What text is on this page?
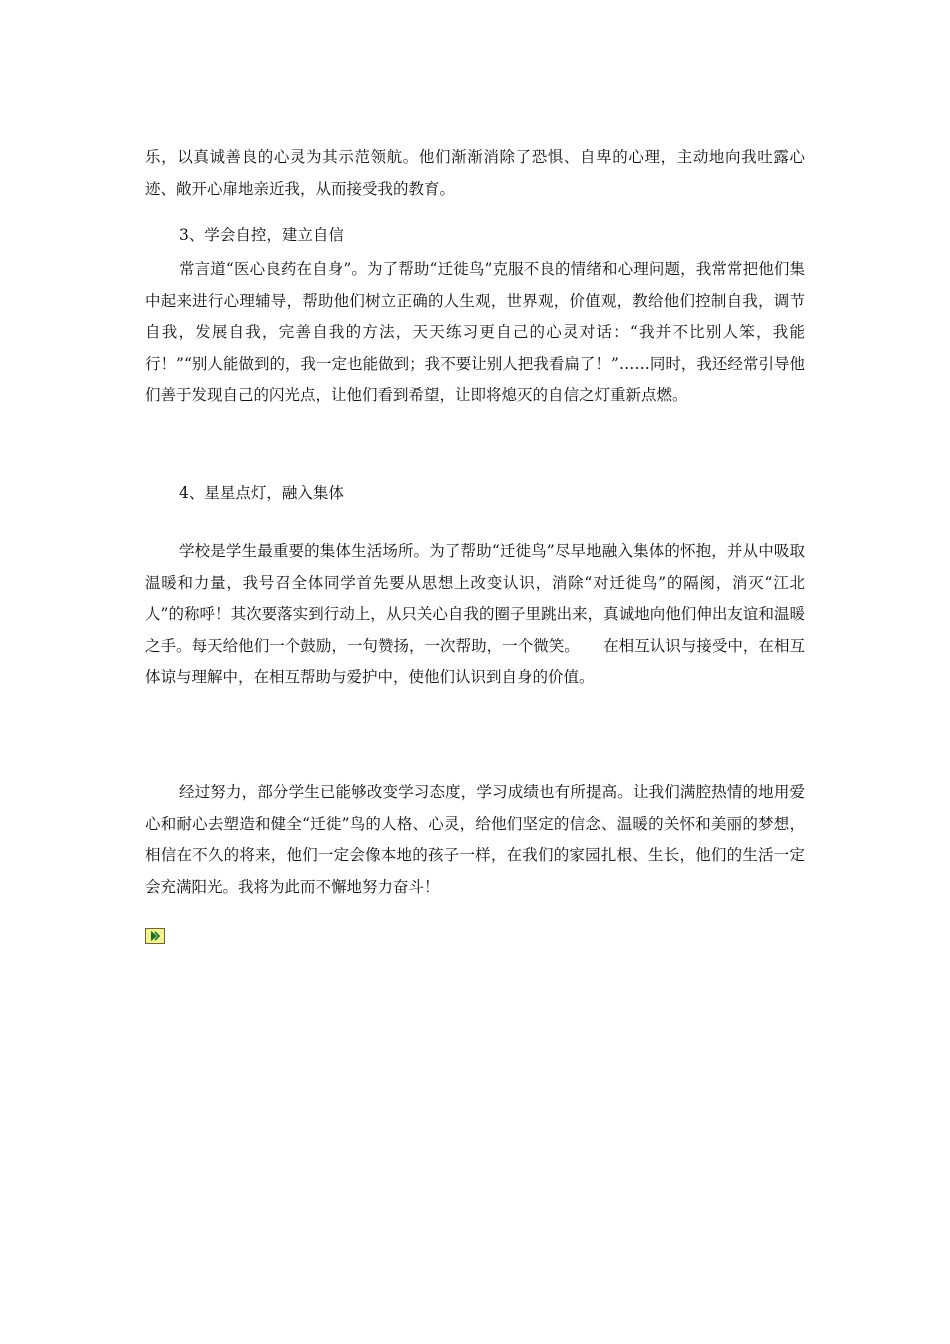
乐，以真诚善良的心灵为其示范领航。他们渐渐消除了恐惧、自卑的心理，主动地向我吐露心迹、敞开心扉地亲近我，从而接受我的教育。

3、学会自控，建立自信

常言道“医心良药在自身”。为了帮助“迁徙鸟”克服不良的情绪和心理问题，我常常把他们集中起来进行心理辅导，帮助他们树立正确的人生观，世界观，价值观，教给他们控制自我，调节自我，发展自我，完善自我的方法，天天练习更自己的心灵对话：“我并不比别人笨，我能行！”“别人能做到的，我一定也能做到；我不要让别人把我看扁了！”……同时，我还经常引导他们善于发现自己的闪光点，让他们看到希望，让即将熄灭的自信之灯重新点燃。

4、星星点灯，融入集体

学校是学生最重要的集体生活场所。为了帮助“迁徙鸟”尽早地融入集体的怀抱，并从中吸取温暖和力量，我号召全体同学首先要从思想上改变认识，消除“对迁徙鸟”的隔阂，消灭“江北人”的称呼！其次要落实到行动上，从只关心自我的圈子里跳出来，真诚地向他们伸出友谊和温暖之手。每天给他们一个鼓励，一句赞扬，一次帮助，一个微笑。　　在相互认识与接受中，在相互体谅与理解中，在相互帮助与爱护中，使他们认识到自身的价值。

经过努力，部分学生已能够改变学习态度，学习成绩也有所提高。让我们满腔热情的地用爱心和耐心去塑造和健全“迁徙”鸟的人格、心灵，给他们坚定的信念、温暖的关怀和美丽的梦想，相信在不久的将来，他们一定会像本地的孩子一样，在我们的家园扎根、生长，他们的生活一定会充满阳光。我将为此而不懈地努力奋斗！
